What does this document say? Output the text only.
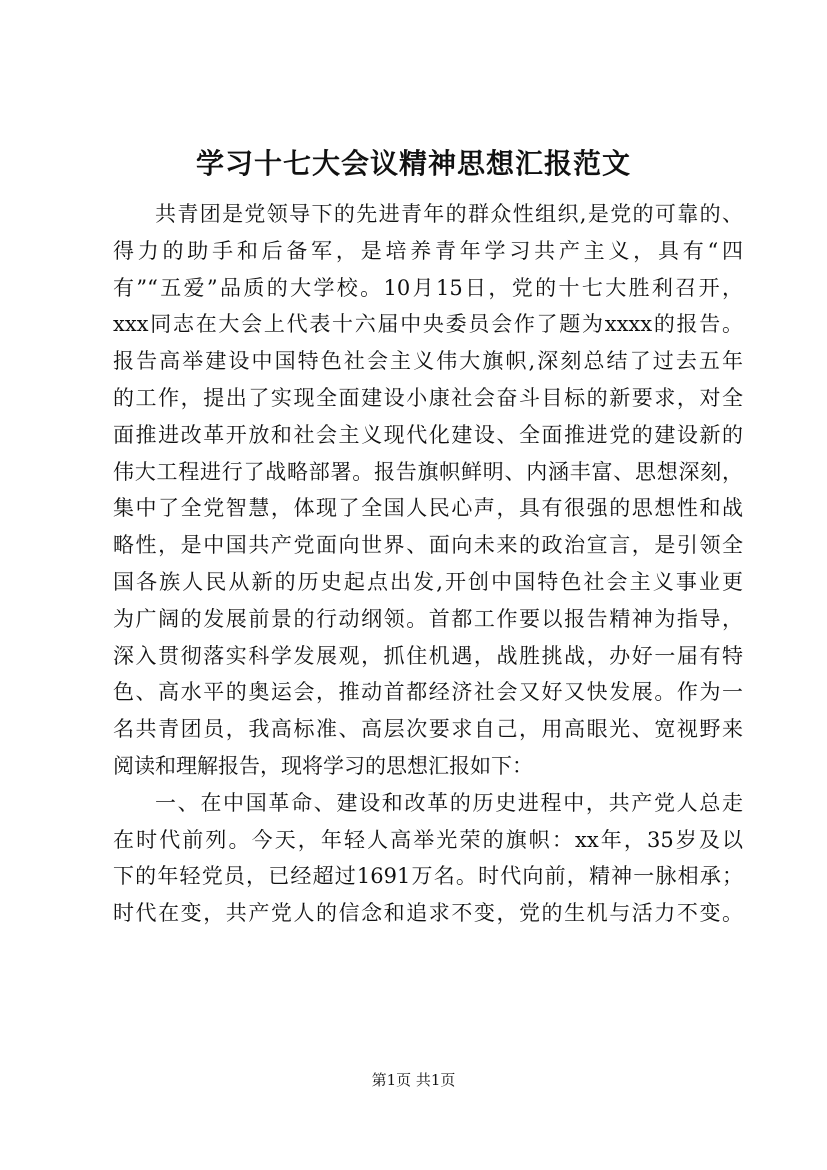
学习十七大会议精神思想汇报范文
共青团是党领导下的先进青年的群众性组织,是党的可靠的、
得力的助手和后备军，是培养青年学习共产主义，具有“四
有”“五爱”品质的大学校。10月15日，党的十七大胜利召开，
xxx同志在大会上代表十六届中央委员会作了题为xxxx的报告。
报告高举建设中国特色社会主义伟大旗帜,深刻总结了过去五年
的工作，提出了实现全面建设小康社会奋斗目标的新要求，对全
面推进改革开放和社会主义现代化建设、全面推进党的建设新的
伟大工程进行了战略部署。报告旗帜鲜明、内涵丰富、思想深刻，
集中了全党智慧，体现了全国人民心声，具有很强的思想性和战
略性，是中国共产党面向世界、面向未来的政治宣言，是引领全
国各族人民从新的历史起点出发,开创中国特色社会主义事业更
为广阔的发展前景的行动纲领。首都工作要以报告精神为指导，
深入贯彻落实科学发展观，抓住机遇，战胜挑战，办好一届有特
色、高水平的奥运会，推动首都经济社会又好又快发展。作为一
名共青团员，我高标准、高层次要求自己，用高眼光、宽视野来
阅读和理解报告，现将学习的思想汇报如下：
一、在中国革命、建设和改革的历史进程中，共产党人总走
在时代前列。今天，年轻人高举光荣的旗帜：xx年，35岁及以
下的年轻党员，已经超过1691万名。时代向前，精神一脉相承；
时代在变，共产党人的信念和追求不变，党的生机与活力不变。
第1页 共1页
